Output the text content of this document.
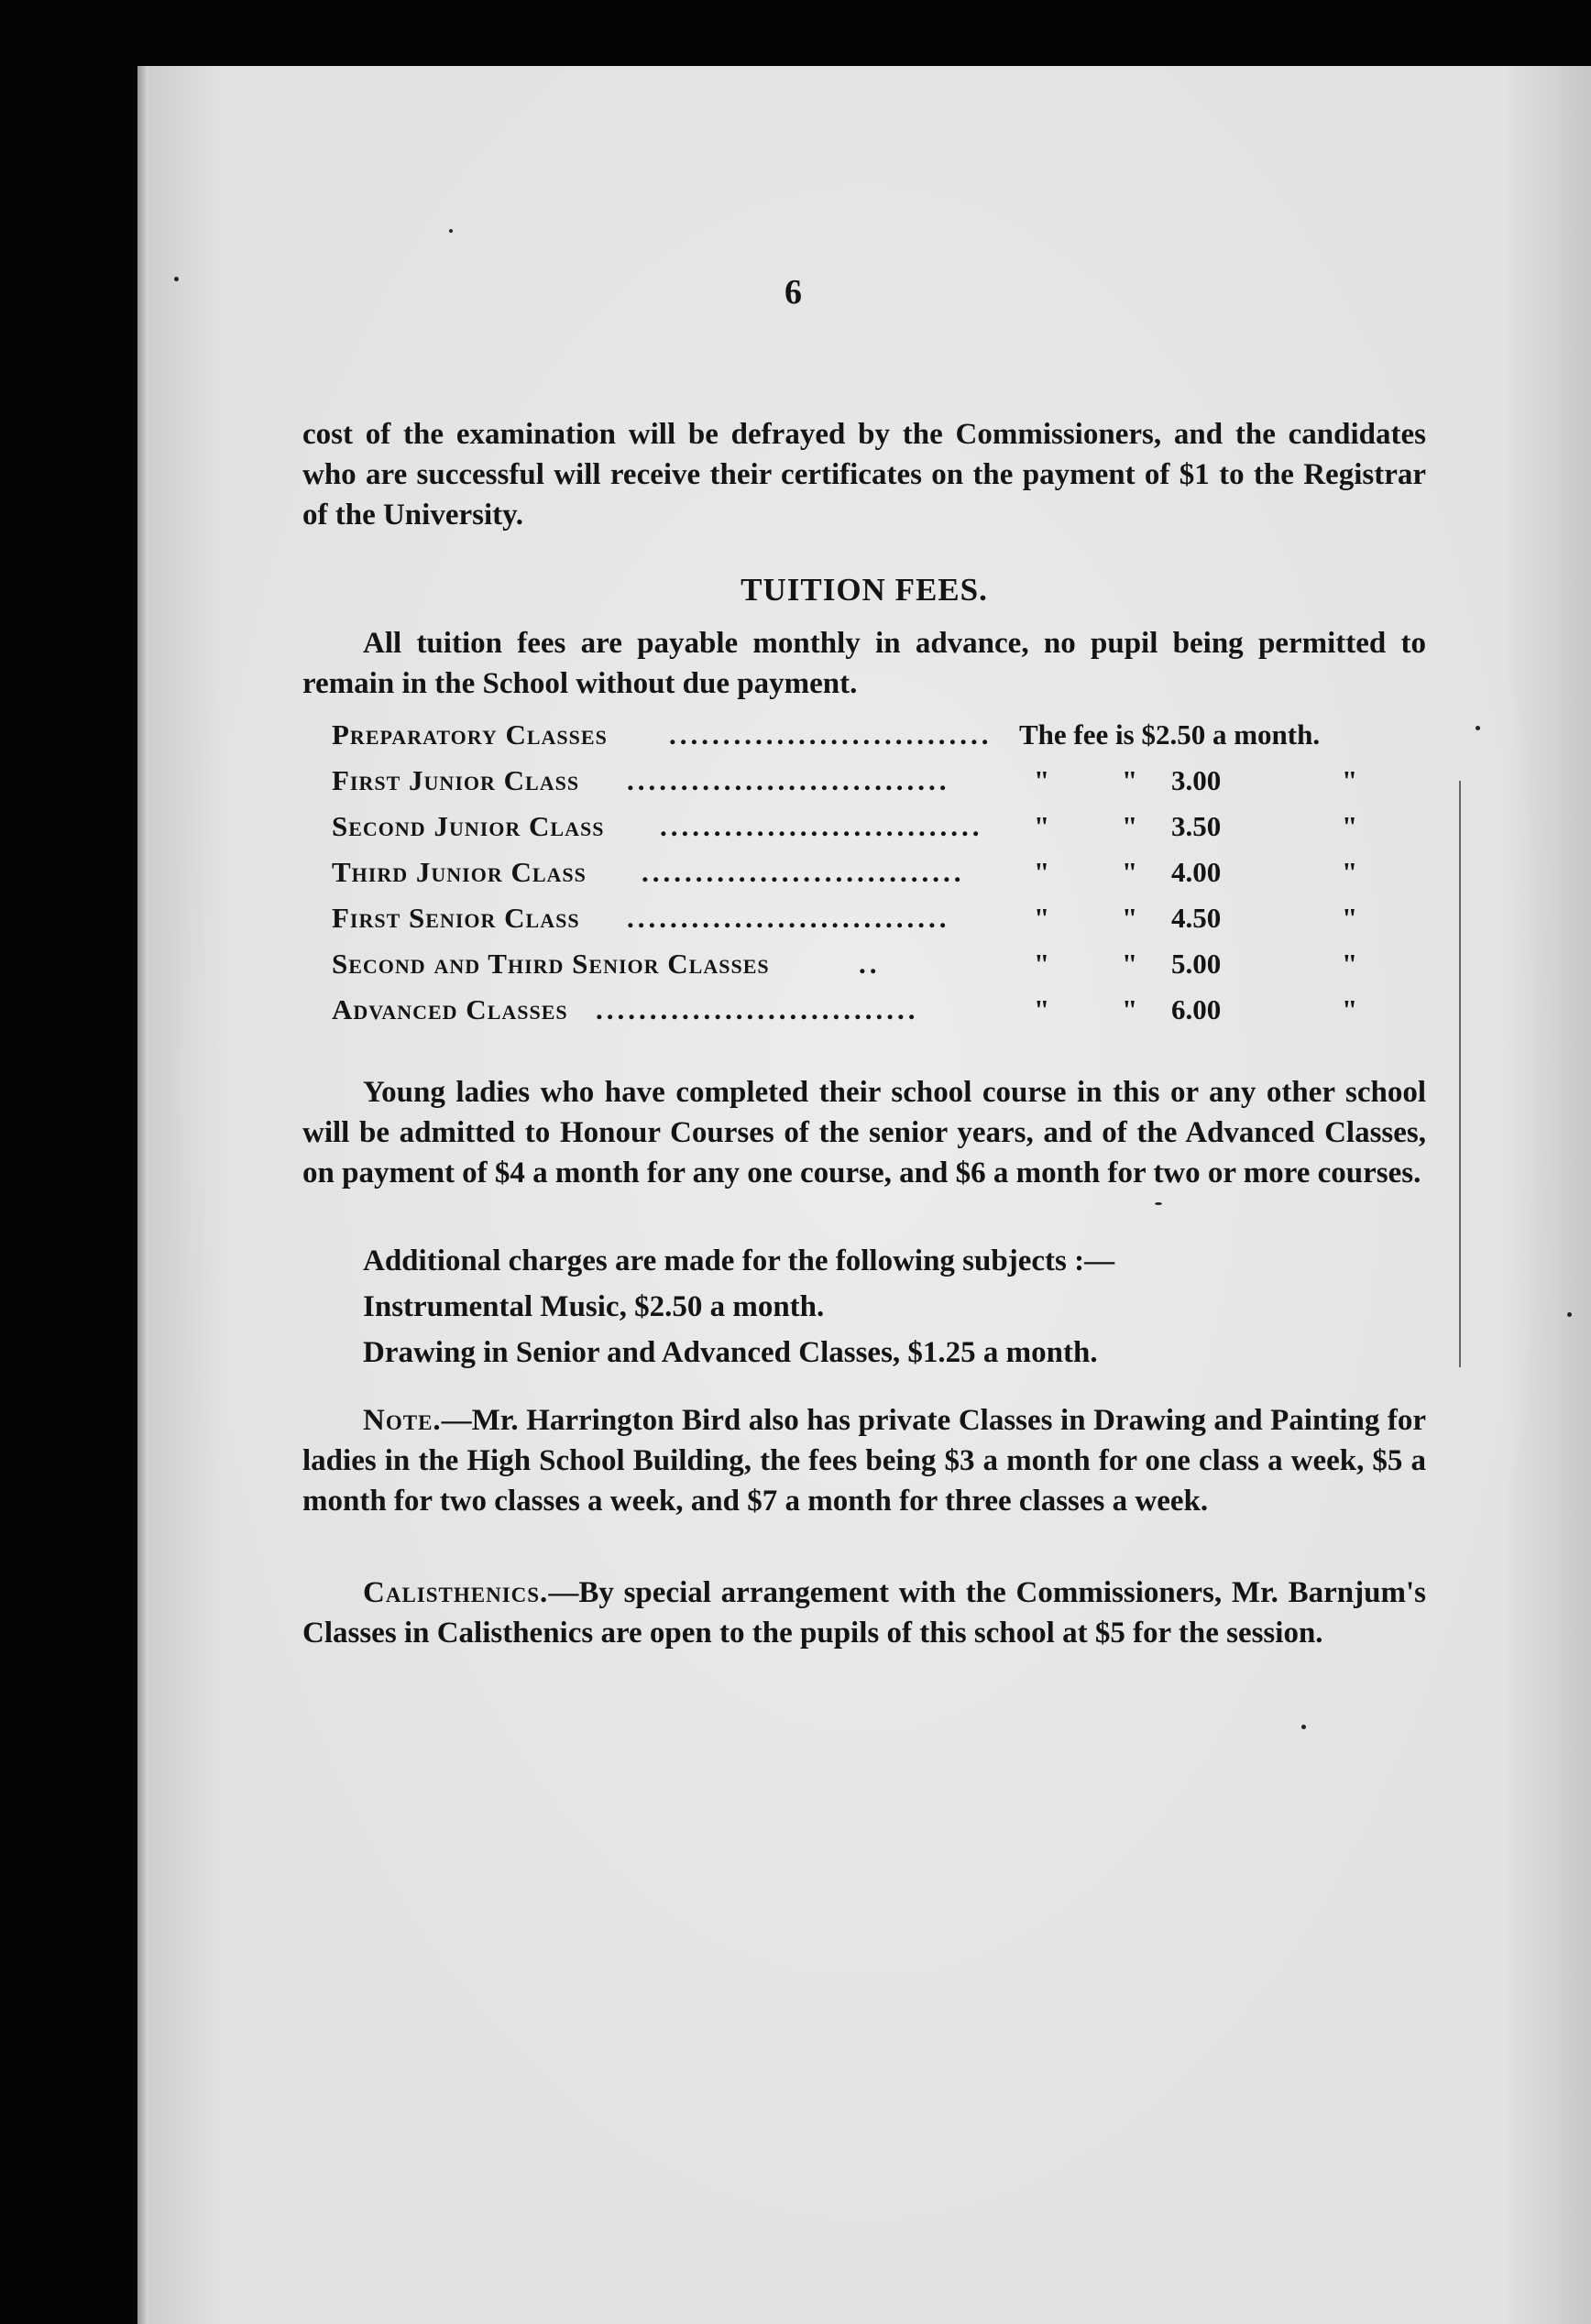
6

cost of the examination will be defrayed by the Commissioners, and the candidates who are successful will receive their certificates on the payment of $1 to the Registrar of the University.

TUITION FEES.

All tuition fees are payable monthly in advance, no pupil being permitted to remain in the School without due payment.

Preparatory Classes .............................. The fee is $2.50 a month.
First Junior Class ..............................	"	" 3.00	"
Second Junior Class ..............................	"	" 3.50	"
Third Junior Class ..............................	"	" 4.00	"
First Senior Class ..............................	"	" 4.50	"
Second and Third Senior Classes	..	"	" 5.00	"
Advanced Classes ..............................	"	" 6.00	"

Young ladies who have completed their school course in this or any other school will be admitted to Honour Courses of the senior years, and of the Advanced Classes, on payment of $4 a month for any one course, and $6 a month for two or more courses.

Additional charges are made for the following subjects :—

Instrumental Music, $2.50 a month.

Drawing in Senior and Advanced Classes, $1.25 a month.

Note.—Mr. Harrington Bird also has private Classes in Drawing and Painting for ladies in the High School Building, the fees being $3 a month for one class a week, $5 a month for two classes a week, and $7 a month for three classes a week.

Calisthenics.—By special arrangement with the Commissioners, Mr. Barnjum's Classes in Calisthenics are open to the pupils of this school at $5 for the session.
